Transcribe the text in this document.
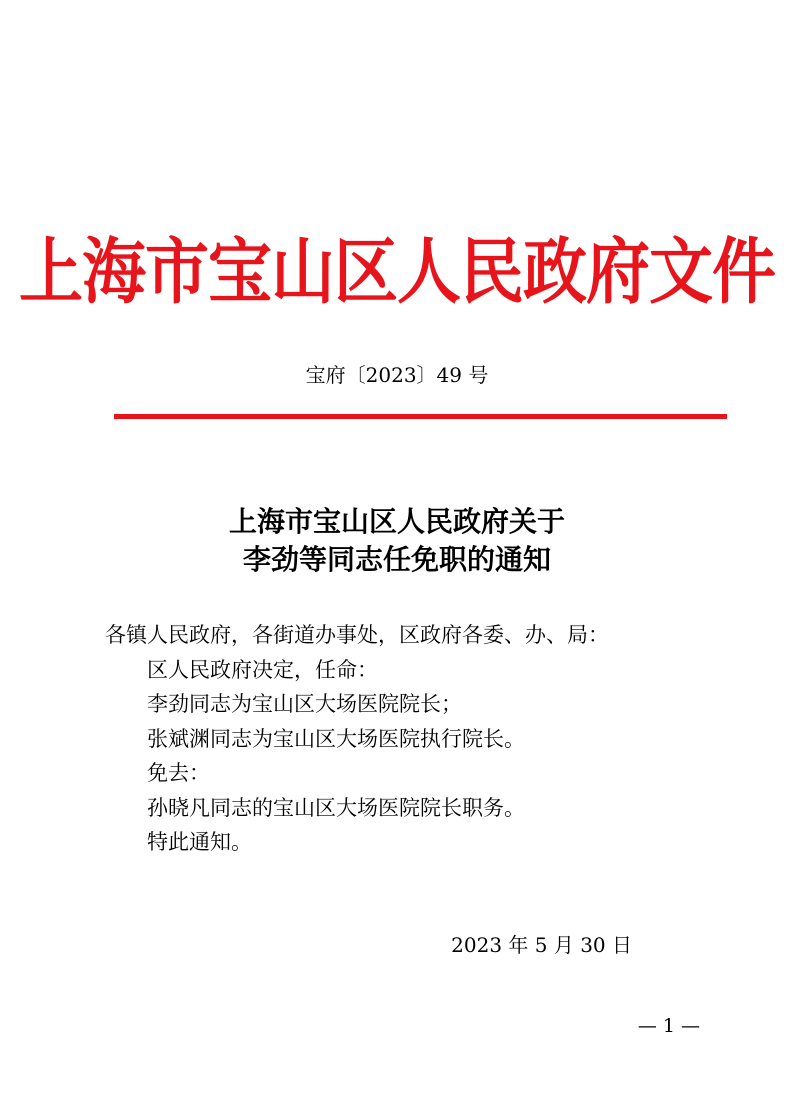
上海市宝山区人民政府文件
宝府〔2023〕49 号
上海市宝山区人民政府关于
李劲等同志任免职的通知
各镇人民政府，各街道办事处，区政府各委、办、局：
区人民政府决定，任命：
李劲同志为宝山区大场医院院长；
张斌渊同志为宝山区大场医院执行院长。
免去：
孙晓凡同志的宝山区大场医院院长职务。
特此通知。
2023 年 5 月 30 日
— 1 —
